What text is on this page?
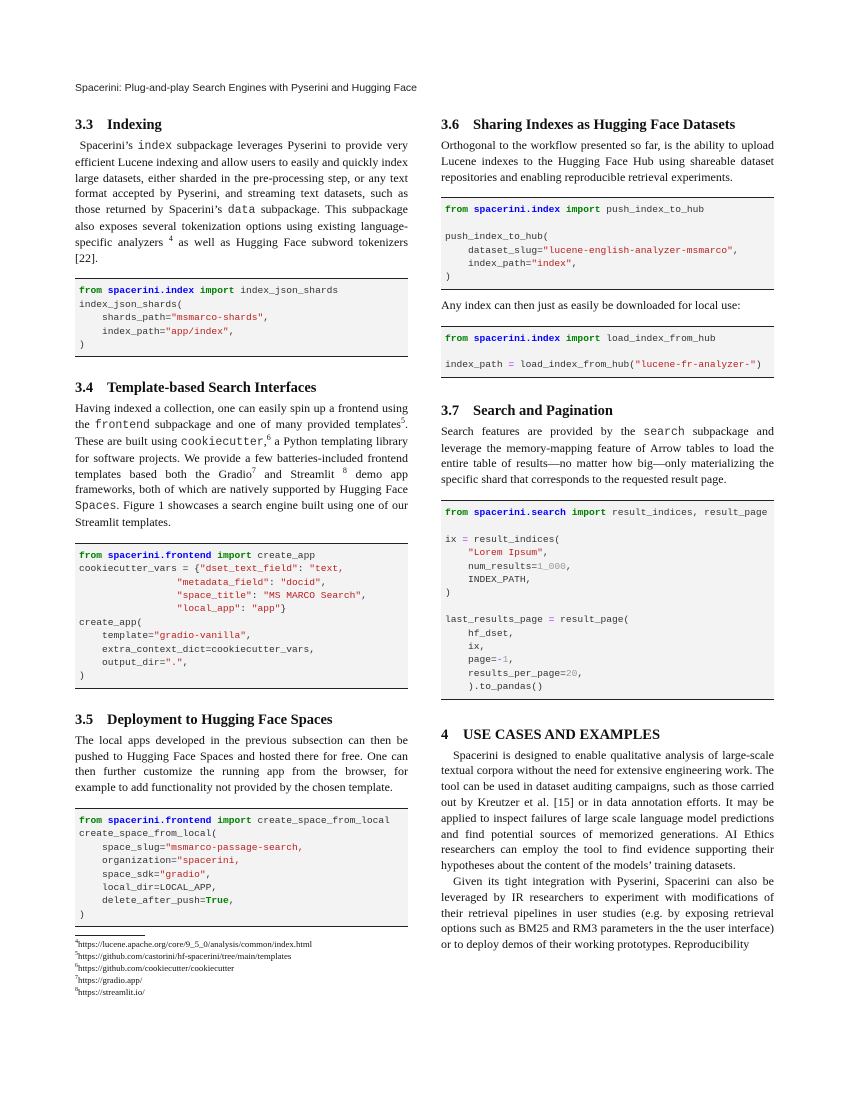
Spacerini: Plug-and-play Search Engines with Pyserini and Hugging Face
3.3 Indexing

Spacerini’s index subpackage leverages Pyserini to provide very efficient Lucene indexing and allow users to easily and quickly index large datasets, either sharded in the pre-processing step, or any text format accepted by Pyserini, and streaming text datasets, such as those returned by Spacerini’s data subpackage. This subpackage also exposes several tokenization options using existing language-specific analyzers $^4$ as well as Hugging Face subword tokenizers [22].

from spacerini.index import index_json_shards
index_json_shards(
shards_path="msmarco-shards",
index_path="app/index",
)
3.4 Template-based Search Interfaces

Having indexed a collection, one can easily spin up a frontend using the frontend subpackage and one of many provided templates$^5$. These are built using cookiecutter,$^6$ a Python templating library for software projects. We provide a few batteries-included frontend templates based both the Gradio$^7$ and Streamlit $^8$ demo app frameworks, both of which are natively supported by Hugging Face Spaces. Figure 1 showcases a search engine built using one of our Streamlit templates.

from spacerini.frontend import create_app
cookiecutter_vars = {"dset_text_field": "text,
"metadata_field": "docid",
"space_title": "MS MARCO Search",
"local_app": "app"}
create_app(
template="gradio-vanilla",
extra_context_dict=cookiecutter_vars,
output_dir=".",
)
3.5 Deployment to Hugging Face Spaces

The local apps developed in the previous subsection can then be pushed to Hugging Face Spaces and hosted there for free. One can then further customize the running app from the browser, for example to add functionality not provided by the chosen template.

from spacerini.frontend import create_space_from_local
create_space_from_local(
space_slug="msmarco-passage-search,
organization="spacerini,
space_sdk="gradio",
local_dir=LOCAL_APP,
delete_after_push=True,
)
$^4$https://lucene.apache.org/core/9_5_0/analysis/common/index.html
$^5$https://github.com/castorini/hf-spacerini/tree/main/templates
$^6$https://github.com/cookiecutter/cookiecutter
$^7$https://gradio.app/
$^8$https://streamlit.io/
3.6 Sharing Indexes as Hugging Face Datasets

Orthogonal to the workflow presented so far, is the ability to upload Lucene indexes to the Hugging Face Hub using shareable dataset repositories and enabling reproducible retrieval experiments.

from spacerini.index import push_index_to_hub
push_index_to_hub(
dataset_slug="lucene-english-analyzer-msmarco",
index_path="index",
)

Any index can then just as easily be downloaded for local use:

from spacerini.index import load_index_from_hub
index_path = load_index_from_hub("lucene-fr-analyzer-")
3.7 Search and Pagination

Search features are provided by the search subpackage and leverage the memory-mapping feature of Arrow tables to load the entire table of results—no matter how big—only materializing the specific shard that corresponds to the requested result page.

from spacerini.search import result_indices, result_page
ix = result_indices(
"Lorem Ipsum",
num_results=1_000,
INDEX_PATH,
)
last_results_page = result_page(
hf_dset,
ix,
page=-1,
results_per_page=20,
).to_pandas()
4 USE CASES AND EXAMPLES

Spacerini is designed to enable qualitative analysis of large-scale textual corpora without the need for extensive engineering work. The tool can be used in dataset auditing campaigns, such as those carried out by Kreutzer et al. [15] or in data annotation efforts. It may be applied to inspect failures of large scale language model predictions and find potential sources of memorized generations. AI Ethics researchers can employ the tool to find evidence supporting their hypotheses about the content of the models’ training datasets.

Given its tight integration with Pyserini, Spacerini can also be leveraged by IR researchers to experiment with modifications of their retrieval pipelines in user studies (e.g. by exposing retrieval options such as BM25 and RM3 parameters in the the user interface) or to deploy demos of their working prototypes. Reproducibility
